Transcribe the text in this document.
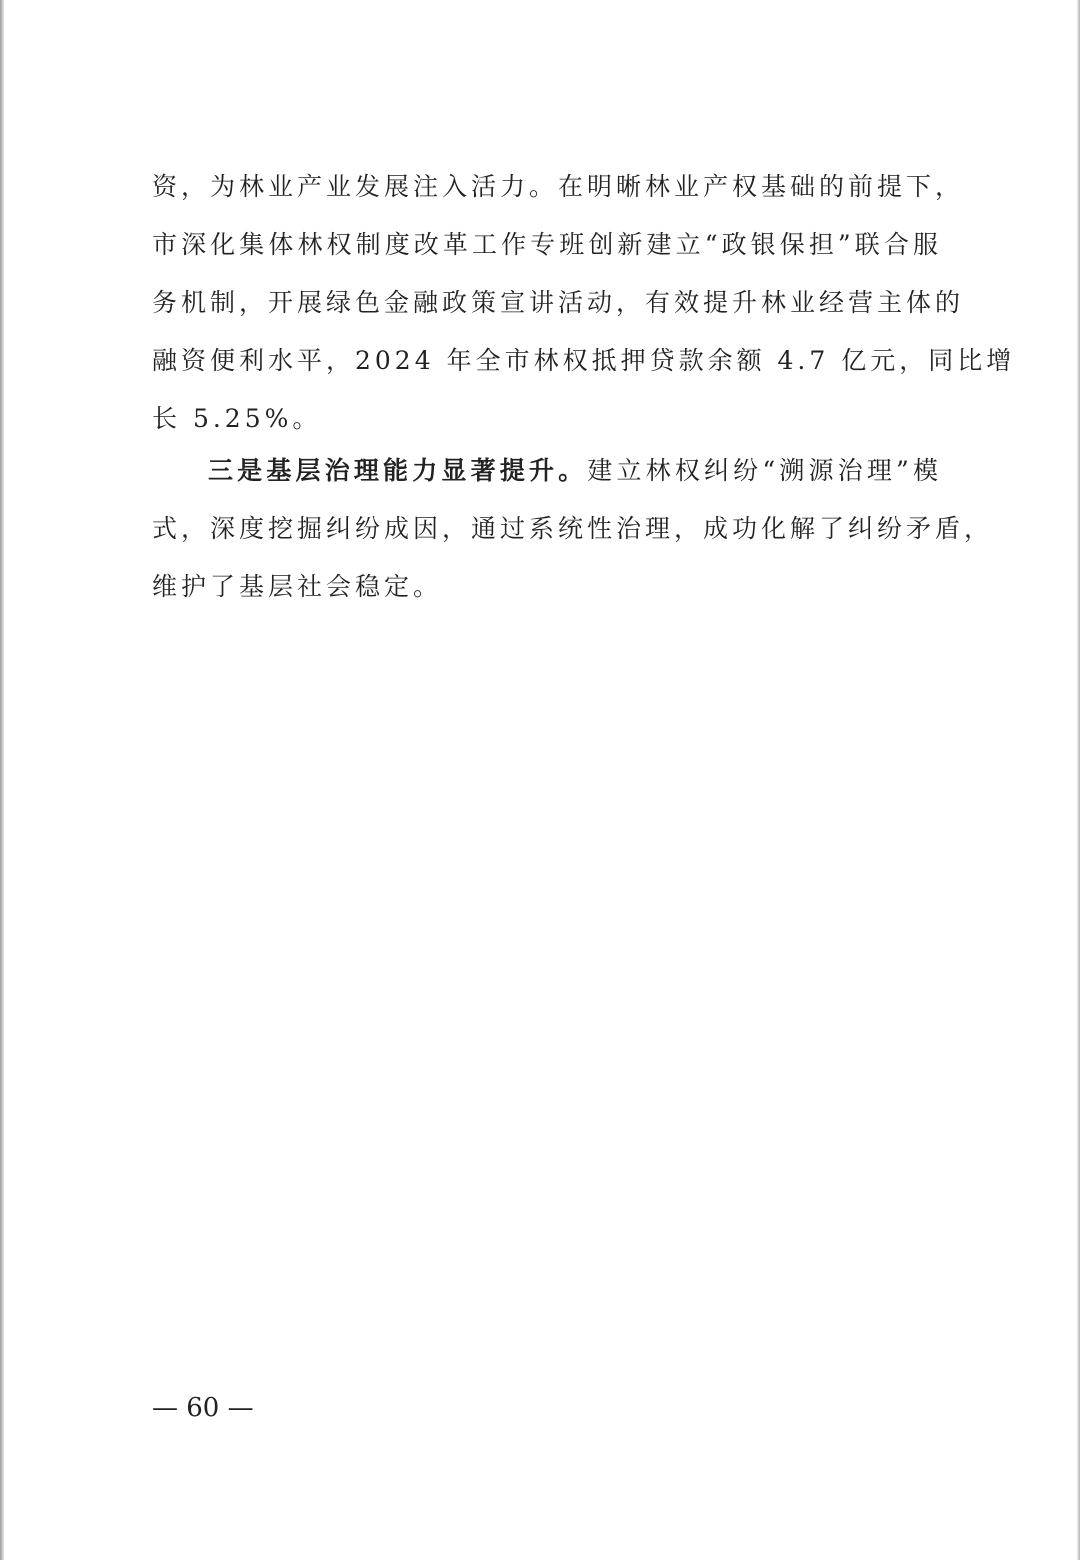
资，为林业产业发展注入活力。在明晰林业产权基础的前提下，
市深化集体林权制度改革工作专班创新建立“政银保担”联合服
务机制，开展绿色金融政策宣讲活动，有效提升林业经营主体的
融资便利水平，2024 年全市林权抵押贷款余额 4.7 亿元，同比增
长 5.25%。
三是基层治理能力显著提升。建立林权纠纷“溯源治理”模
式，深度挖掘纠纷成因，通过系统性治理，成功化解了纠纷矛盾，
维护了基层社会稳定。
— 60 —
